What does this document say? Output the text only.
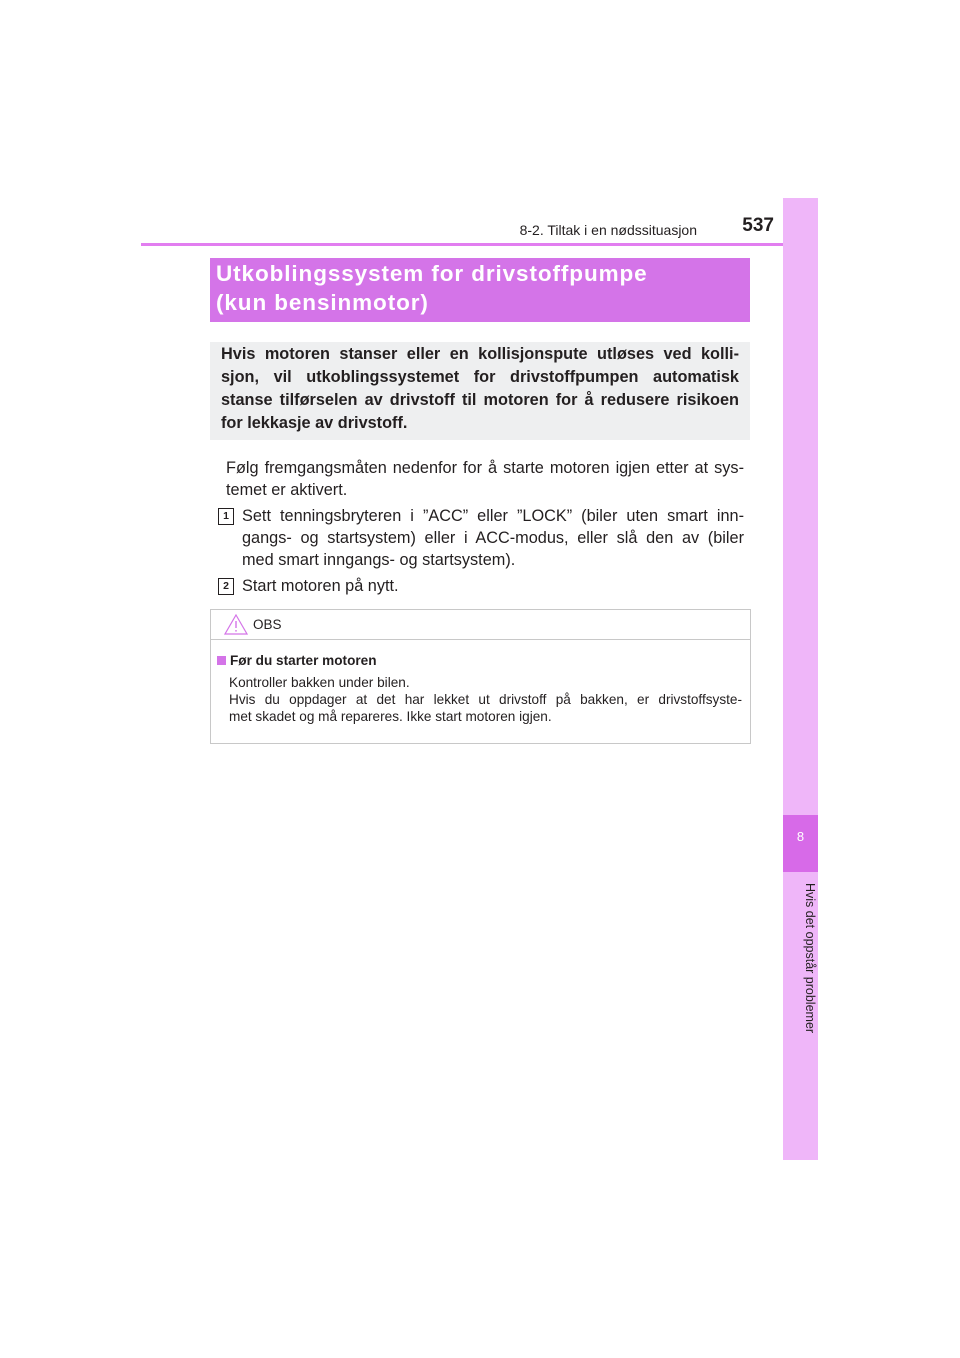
8-2. Tiltak i en nødssituasjon	537
8
Hvis det oppstår problemer
Utkoblingssystem for drivstoffpumpe
(kun bensinmotor)
Hvis motoren stanser eller en kollisjonspute utløses ved kolli-
sjon, vil utkoblingssystemet for drivstoffpumpen automatisk
stanse tilførselen av drivstoff til motoren for å redusere risikoen
for lekkasje av drivstoff.
Følg fremgangsmåten nedenfor for å starte motoren igjen etter at sys-
temet er aktivert.
1 Sett tenningsbryteren i ”ACC” eller ”LOCK” (biler uten smart inn-
gangs- og startsystem) eller i ACC-modus, eller slå den av (biler
med smart inngangs- og startsystem).
2 Start motoren på nytt.
OBS
Før du starter motoren
Kontroller bakken under bilen.
Hvis du oppdager at det har lekket ut drivstoff på bakken, er drivstoffsyste-
met skadet og må repareres. Ikke start motoren igjen.
